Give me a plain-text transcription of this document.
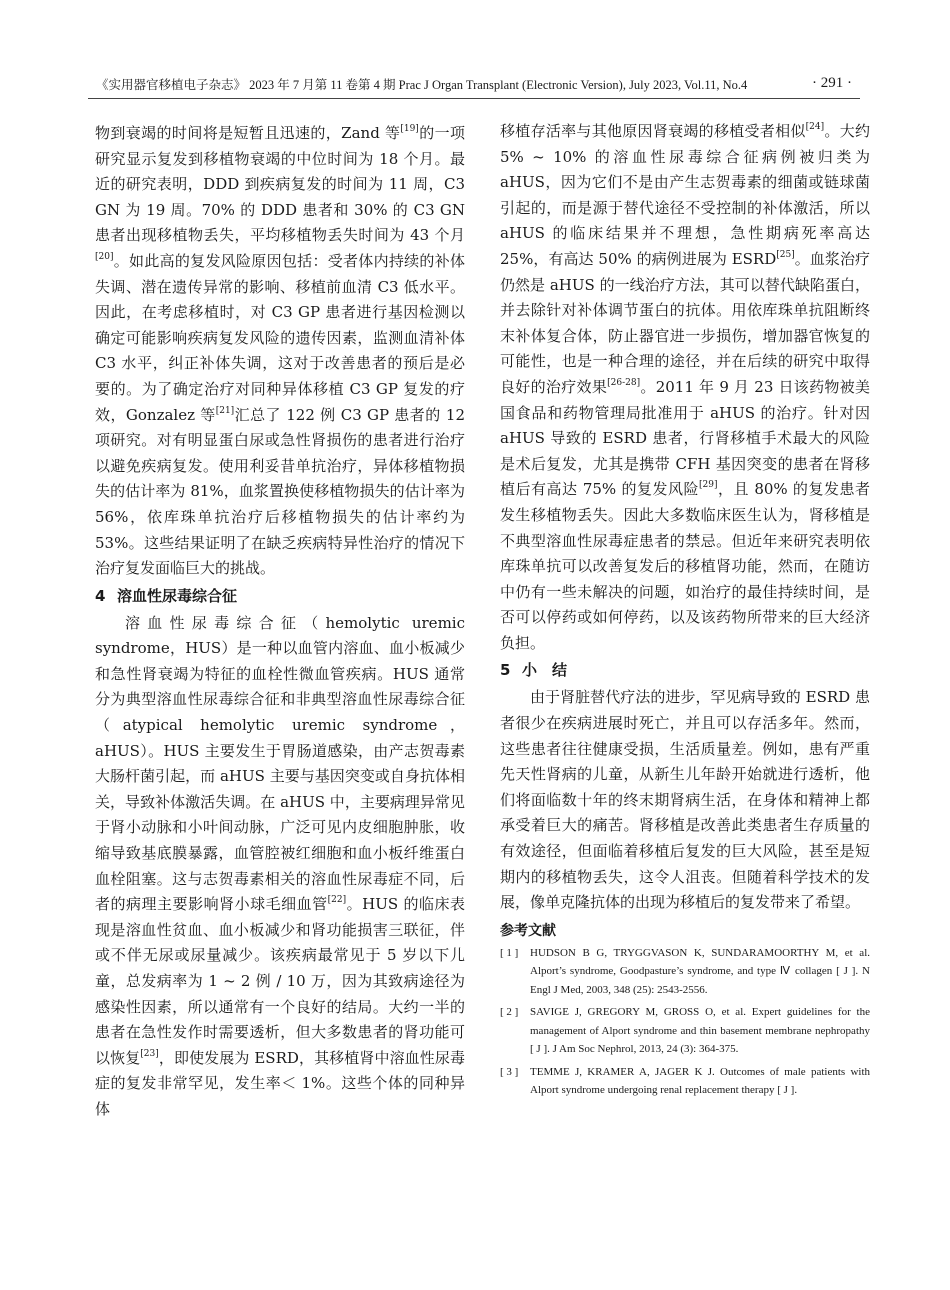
《实用器官移植电子杂志》 2023 年 7 月第 11 卷第 4 期 Prac J Organ Transplant (Electronic Version), July 2023, Vol.11, No.4	· 291 ·

物到衰竭的时间将是短暂且迅速的，Zand 等[19]的一项研究显示复发到移植物衰竭的中位时间为 18 个月。最近的研究表明，DDD 到疾病复发的时间为 11 周，C3 GN 为 19 周。70% 的 DDD 患者和 30% 的 C3 GN 患者出现移植物丢失，平均移植物丢失时间为 43 个月[20]。如此高的复发风险原因包括：受者体内持续的补体失调、潜在遗传异常的影响、移植前血清 C3 低水平。因此，在考虑移植时，对 C3 GP 患者进行基因检测以确定可能影响疾病复发风险的遗传因素，监测血清补体 C3 水平，纠正补体失调，这对于改善患者的预后是必要的。为了确定治疗对同种异体移植 C3 GP 复发的疗效，Gonzalez 等[21]汇总了 122 例 C3 GP 患者的 12 项研究。对有明显蛋白尿或急性肾损伤的患者进行治疗以避免疾病复发。使用利妥昔单抗治疗，异体移植物损失的估计率为 81%，血浆置换使移植物损失的估计率为 56%，依库珠单抗治疗后移植物损失的估计率约为 53%。这些结果证明了在缺乏疾病特异性治疗的情况下治疗复发面临巨大的挑战。

4 溶血性尿毒综合征

溶血性尿毒综合征（hemolytic uremic syndrome，HUS）是一种以血管内溶血、血小板减少和急性肾衰竭为特征的血栓性微血管疾病。HUS 通常分为典型溶血性尿毒综合征和非典型溶血性尿毒综合征（atypical hemolytic uremic syndrome，aHUS）。HUS 主要发生于胃肠道感染，由产志贺毒素大肠杆菌引起，而 aHUS 主要与基因突变或自身抗体相关，导致补体激活失调。在 aHUS 中，主要病理异常见于肾小动脉和小叶间动脉，广泛可见内皮细胞肿胀，收缩导致基底膜暴露，血管腔被红细胞和血小板纤维蛋白血栓阻塞。这与志贺毒素相关的溶血性尿毒症不同，后者的病理主要影响肾小球毛细血管[22]。HUS 的临床表现是溶血性贫血、血小板减少和肾功能损害三联征，伴或不伴无尿或尿量减少。该疾病最常见于 5 岁以下儿童，总发病率为 1 ~ 2 例 / 10 万，因为其致病途径为感染性因素，所以通常有一个良好的结局。大约一半的患者在急性发作时需要透析，但大多数患者的肾功能可以恢复[23]，即使发展为 ESRD，其移植肾中溶血性尿毒症的复发非常罕见，发生率＜ 1%。这些个体的同种异体

移植存活率与其他原因肾衰竭的移植受者相似[24]。大约 5% ~ 10% 的溶血性尿毒综合征病例被归类为 aHUS，因为它们不是由产生志贺毒素的细菌或链球菌引起的，而是源于替代途径不受控制的补体激活，所以 aHUS 的临床结果并不理想，急性期病死率高达 25%，有高达 50% 的病例进展为 ESRD[25]。血浆治疗仍然是 aHUS 的一线治疗方法，其可以替代缺陷蛋白，并去除针对补体调节蛋白的抗体。用依库珠单抗阻断终末补体复合体，防止器官进一步损伤，增加器官恢复的可能性，也是一种合理的途径，并在后续的研究中取得良好的治疗效果[26-28]。2011 年 9 月 23 日该药物被美国食品和药物管理局批准用于 aHUS 的治疗。针对因 aHUS 导致的 ESRD 患者，行肾移植手术最大的风险是术后复发，尤其是携带 CFH 基因突变的患者在肾移植后有高达 75% 的复发风险[29]，且 80% 的复发患者发生移植物丢失。因此大多数临床医生认为，肾移植是不典型溶血性尿毒症患者的禁忌。但近年来研究表明依库珠单抗可以改善复发后的移植肾功能，然而，在随访中仍有一些未解决的问题，如治疗的最佳持续时间，是否可以停药或如何停药，以及该药物所带来的巨大经济负担。

5 小　结

由于肾脏替代疗法的进步，罕见病导致的 ESRD 患者很少在疾病进展时死亡，并且可以存活多年。然而，这些患者往往健康受损，生活质量差。例如，患有严重先天性肾病的儿童，从新生儿年龄开始就进行透析，他们将面临数十年的终末期肾病生活，在身体和精神上都承受着巨大的痛苦。肾移植是改善此类患者生存质量的有效途径，但面临着移植后复发的巨大风险，甚至是短期内的移植物丢失，这令人沮丧。但随着科学技术的发展，像单克隆抗体的出现为移植后的复发带来了希望。

参考文献
[ 1 ] HUDSON B G, TRYGGVASON K, SUNDARAMOORTHY M, et al. Alport’s syndrome, Goodpasture’s syndrome, and type Ⅳ collagen [ J ]. N Engl J Med, 2003, 348 (25): 2543-2556.
[ 2 ] SAVIGE J, GREGORY M, GROSS O, et al. Expert guidelines for the management of Alport syndrome and thin basement membrane nephropathy [ J ]. J Am Soc Nephrol, 2013, 24 (3): 364-375.
[ 3 ] TEMME J, KRAMER A, JAGER K J. Outcomes of male patients with Alport syndrome undergoing renal replacement therapy [ J ].
